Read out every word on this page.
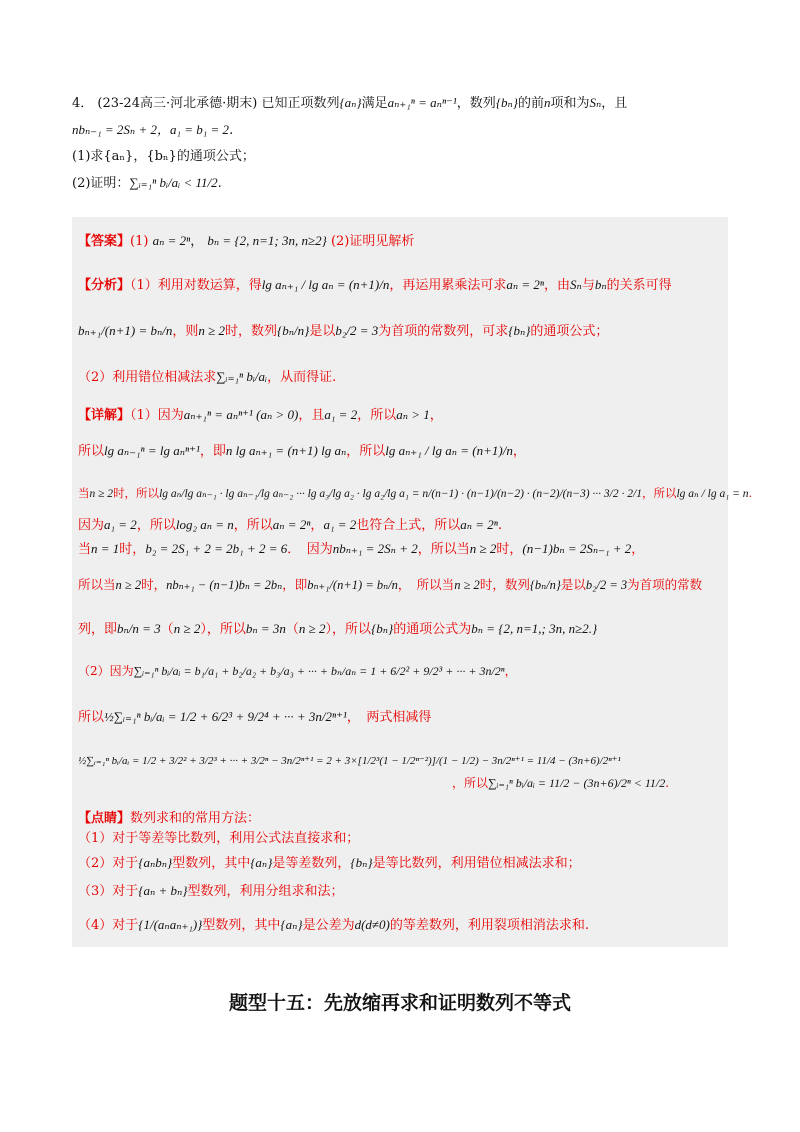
4． (23-24高三·河北承德·期末) 已知正项数列{aₙ}满足aₙ₊₁ⁿ = aₙⁿ⁻¹，数列{bₙ}的前n项和为Sₙ，且
nbₙ₋₁ = 2Sₙ + 2，a₁ = b₁ = 2.
(1)求{aₙ}，{bₙ}的通项公式；
(2)证明：∑ᵢ₌₁ⁿ bᵢ/aᵢ < 11/2.
【答案】(1) aₙ = 2ⁿ， bₙ = {2, n=1; 3n, n≥2} (2)证明见解析
【分析】（1）利用对数运算，得lg aₙ₊₁ / lg aₙ = (n+1)/n，再运用累乘法可求aₙ = 2ⁿ，由Sₙ与bₙ的关系可得
bₙ₊₁/(n+1) = bₙ/n，则n ≥ 2时，数列{bₙ/n}是以b₂/2 = 3为首项的常数列，可求{bₙ}的通项公式；
（2）利用错位相减法求∑ᵢ₌₁ⁿ bᵢ/aᵢ，从而得证.
【详解】（1）因为aₙ₊₁ⁿ = aₙⁿ⁺¹ (aₙ > 0)，且a₁ = 2，所以aₙ > 1，
所以lg aₙ₋₁ⁿ = lg aₙⁿ⁺¹，即n lg aₙ₊₁ = (n+1) lg aₙ，所以lg aₙ₊₁ / lg aₙ = (n+1)/n，
当n ≥ 2时，所以lg aₙ/lg aₙ₋₁ · lg aₙ₋₁/lg aₙ₋₂ ··· lg a₃/lg a₂ · lg a₂/lg a₁ = n/(n−1) · (n−1)/(n−2) · (n−2)/(n−3) ··· 3/2 · 2/1，所以lg aₙ / lg a₁ = n.
因为a₁ = 2，所以log₂ aₙ = n，所以aₙ = 2ⁿ，a₁ = 2也符合上式，所以aₙ = 2ⁿ.
当n = 1时，b₂ = 2S₁ + 2 = 2b₁ + 2 = 6．　因为nbₙ₊₁ = 2Sₙ + 2，所以当n ≥ 2时，(n−1)bₙ = 2Sₙ₋₁ + 2，
所以当n ≥ 2时，nbₙ₊₁ − (n−1)bₙ = 2bₙ，即bₙ₊₁/(n+1) = bₙ/n，　所以当n ≥ 2时，数列{bₙ/n}是以b₂/2 = 3为首项的常数
列，即bₙ/n = 3（n ≥ 2），所以bₙ = 3n（n ≥ 2），所以{bₙ}的通项公式为bₙ = {2, n=1,; 3n, n≥2.}
（2）因为∑ᵢ₌₁ⁿ bᵢ/aᵢ = b₁/a₁ + b₂/a₂ + b₃/a₃ + ··· + bₙ/aₙ = 1 + 6/2² + 9/2³ + ··· + 3n/2ⁿ，
所以½∑ᵢ₌₁ⁿ bᵢ/aᵢ = 1/2 + 6/2³ + 9/2⁴ + ··· + 3n/2ⁿ⁺¹，　两式相减得
½∑ᵢ₌₁ⁿ bᵢ/aᵢ = 1/2 + 3/2² + 3/2³ + ··· + 3/2ⁿ − 3n/2ⁿ⁺¹ = 2 + 3×[1/2³(1 − 1/2ⁿ⁻²)]/(1 − 1/2) − 3n/2ⁿ⁺¹ = 11/4 − (3n+6)/2ⁿ⁺¹
，所以∑ᵢ₌₁ⁿ bᵢ/aᵢ = 11/2 − (3n+6)/2ⁿ < 11/2.
【点睛】数列求和的常用方法：
（1）对于等差等比数列，利用公式法直接求和；
（2）对于{aₙbₙ}型数列，其中{aₙ}是等差数列，{bₙ}是等比数列，利用错位相减法求和；
（3）对于{aₙ + bₙ}型数列，利用分组求和法；
（4）对于{1/(aₙaₙ₊₁)}型数列，其中{aₙ}是公差为d(d≠0)的等差数列，利用裂项相消法求和.
题型十五：先放缩再求和证明数列不等式
